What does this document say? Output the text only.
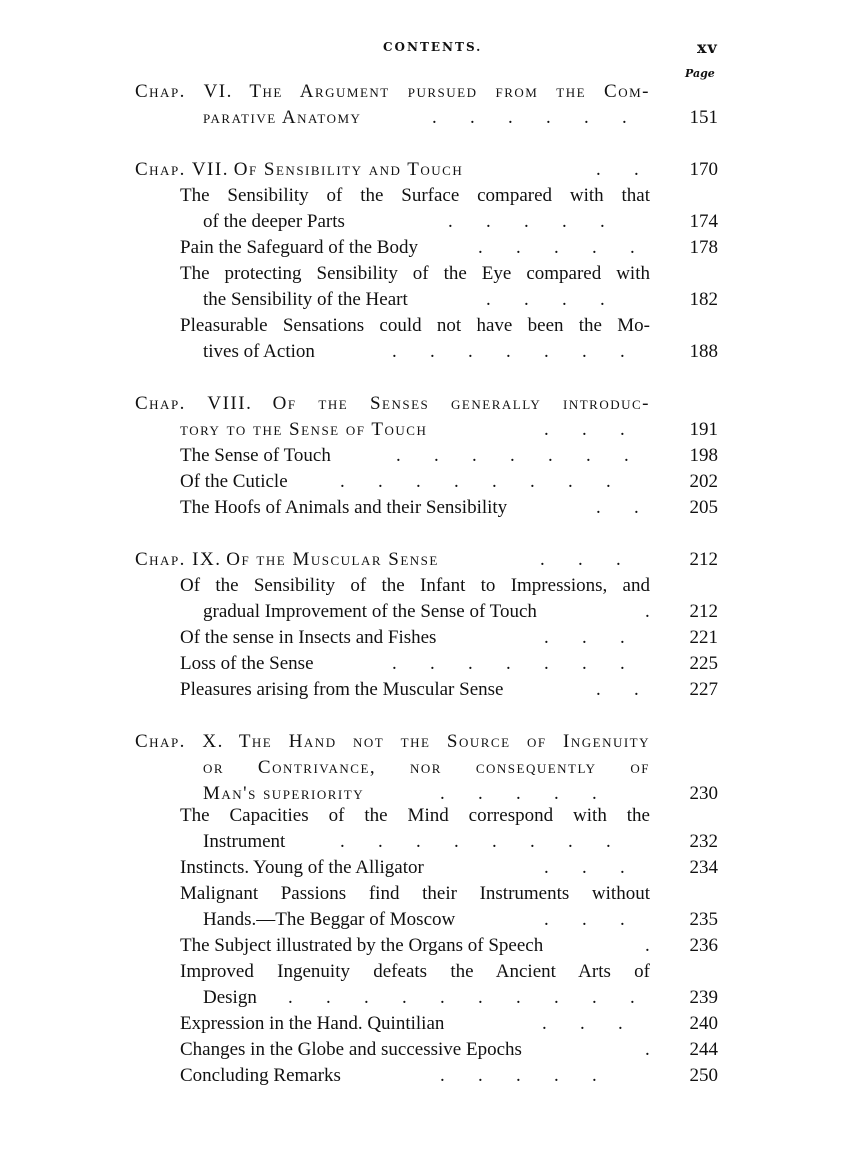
CONTENTS.	xv
Page
Chap. VI. The Argument pursued from the Com-
parative Anatomy	.       .       .       .       .       .	151
Chap. VII. Of Sensibility and Touch	.       .	170
The Sensibility of the Surface compared with that
of the deeper Parts	.       .       .       .       .	174
Pain the Safeguard of the Body	.       .       .       .       .	178
The protecting Sensibility of the Eye compared with
the Sensibility of the Heart	.       .       .       .	182
Pleasurable Sensations could not have been the Mo-
tives of Action	.       .       .       .       .       .       .	188
Chap. VIII. Of the Senses generally introduc-
tory to the Sense of Touch	.       .       .	191
The Sense of Touch	.       .       .       .       .       .       .	198
Of the Cuticle	.       .       .       .       .       .       .       .	202
The Hoofs of Animals and their Sensibility	.       .	205
Chap. IX. Of the Muscular Sense	.       .       .	212
Of the Sensibility of the Infant to Impressions, and
gradual Improvement of the Sense of Touch	.	212
Of the sense in Insects and Fishes	.       .       .	221
Loss of the Sense	.       .       .       .       .       .       .	225
Pleasures arising from the Muscular Sense	.       .	227
Chap. X. The Hand not the Source of Ingenuity
or Contrivance, nor consequently of
Man's superiority	.       .       .       .       .	230
The Capacities of the Mind correspond with the
Instrument	.       .       .       .       .       .       .       .	232
Instincts. Young of the Alligator	.       .       .	234
Malignant Passions find their Instruments without
Hands.—The Beggar of Moscow	.       .       .	235
The Subject illustrated by the Organs of Speech	.	236
Improved Ingenuity defeats the Ancient Arts of
Design .       .       .       .       .       .       .       .       .       .	239
Expression in the Hand. Quintilian	.       .       .	240
Changes in the Globe and successive Epochs	.	244
Concluding Remarks	.       .       .       .       .	250
